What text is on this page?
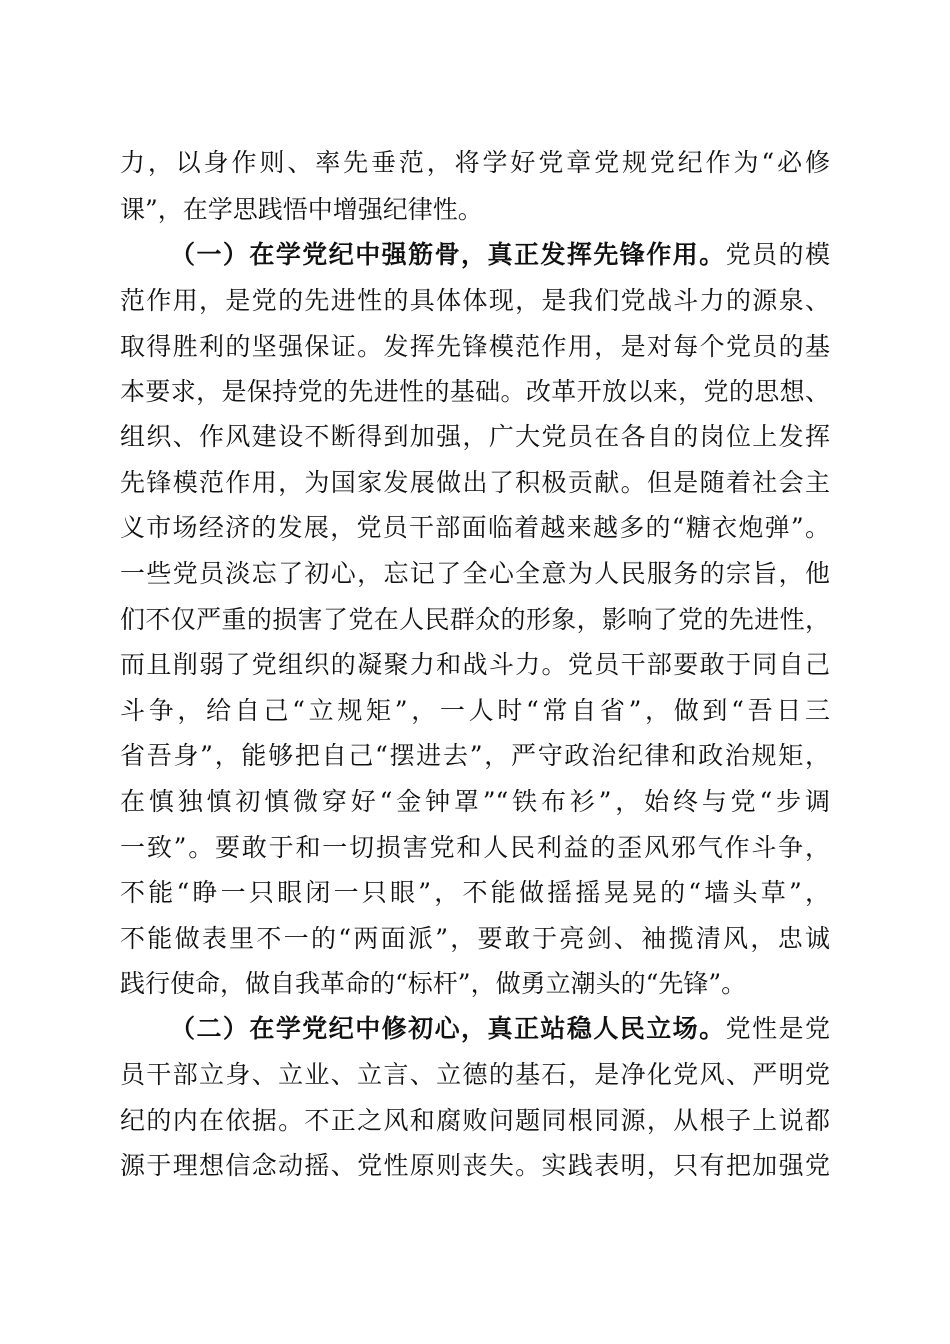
力，以身作则、率先垂范，将学好党章党规党纪作为“必修
课”，在学思践悟中增强纪律性。
（一）在学党纪中强筋骨，真正发挥先锋作用。党员的模
范作用，是党的先进性的具体体现，是我们党战斗力的源泉、
取得胜利的坚强保证。发挥先锋模范作用，是对每个党员的基
本要求，是保持党的先进性的基础。改革开放以来，党的思想、
组织、作风建设不断得到加强，广大党员在各自的岗位上发挥
先锋模范作用，为国家发展做出了积极贡献。但是随着社会主
义市场经济的发展，党员干部面临着越来越多的“糖衣炮弹”。
一些党员淡忘了初心，忘记了全心全意为人民服务的宗旨，他
们不仅严重的损害了党在人民群众的形象，影响了党的先进性，
而且削弱了党组织的凝聚力和战斗力。党员干部要敢于同自己
斗争，给自己“立规矩”，一人时“常自省”，做到“吾日三
省吾身”，能够把自己“摆进去”，严守政治纪律和政治规矩，
在慎独慎初慎微穿好“金钟罩”“铁布衫”，始终与党“步调
一致”。要敢于和一切损害党和人民利益的歪风邪气作斗争，
不能“睁一只眼闭一只眼”，不能做摇摇晃晃的“墙头草”，
不能做表里不一的“两面派”，要敢于亮剑、袖揽清风，忠诚
践行使命，做自我革命的“标杆”，做勇立潮头的“先锋”。
（二）在学党纪中修初心，真正站稳人民立场。党性是党
员干部立身、立业、立言、立德的基石，是净化党风、严明党
纪的内在依据。不正之风和腐败问题同根同源，从根子上说都
源于理想信念动摇、党性原则丧失。实践表明，只有把加强党
